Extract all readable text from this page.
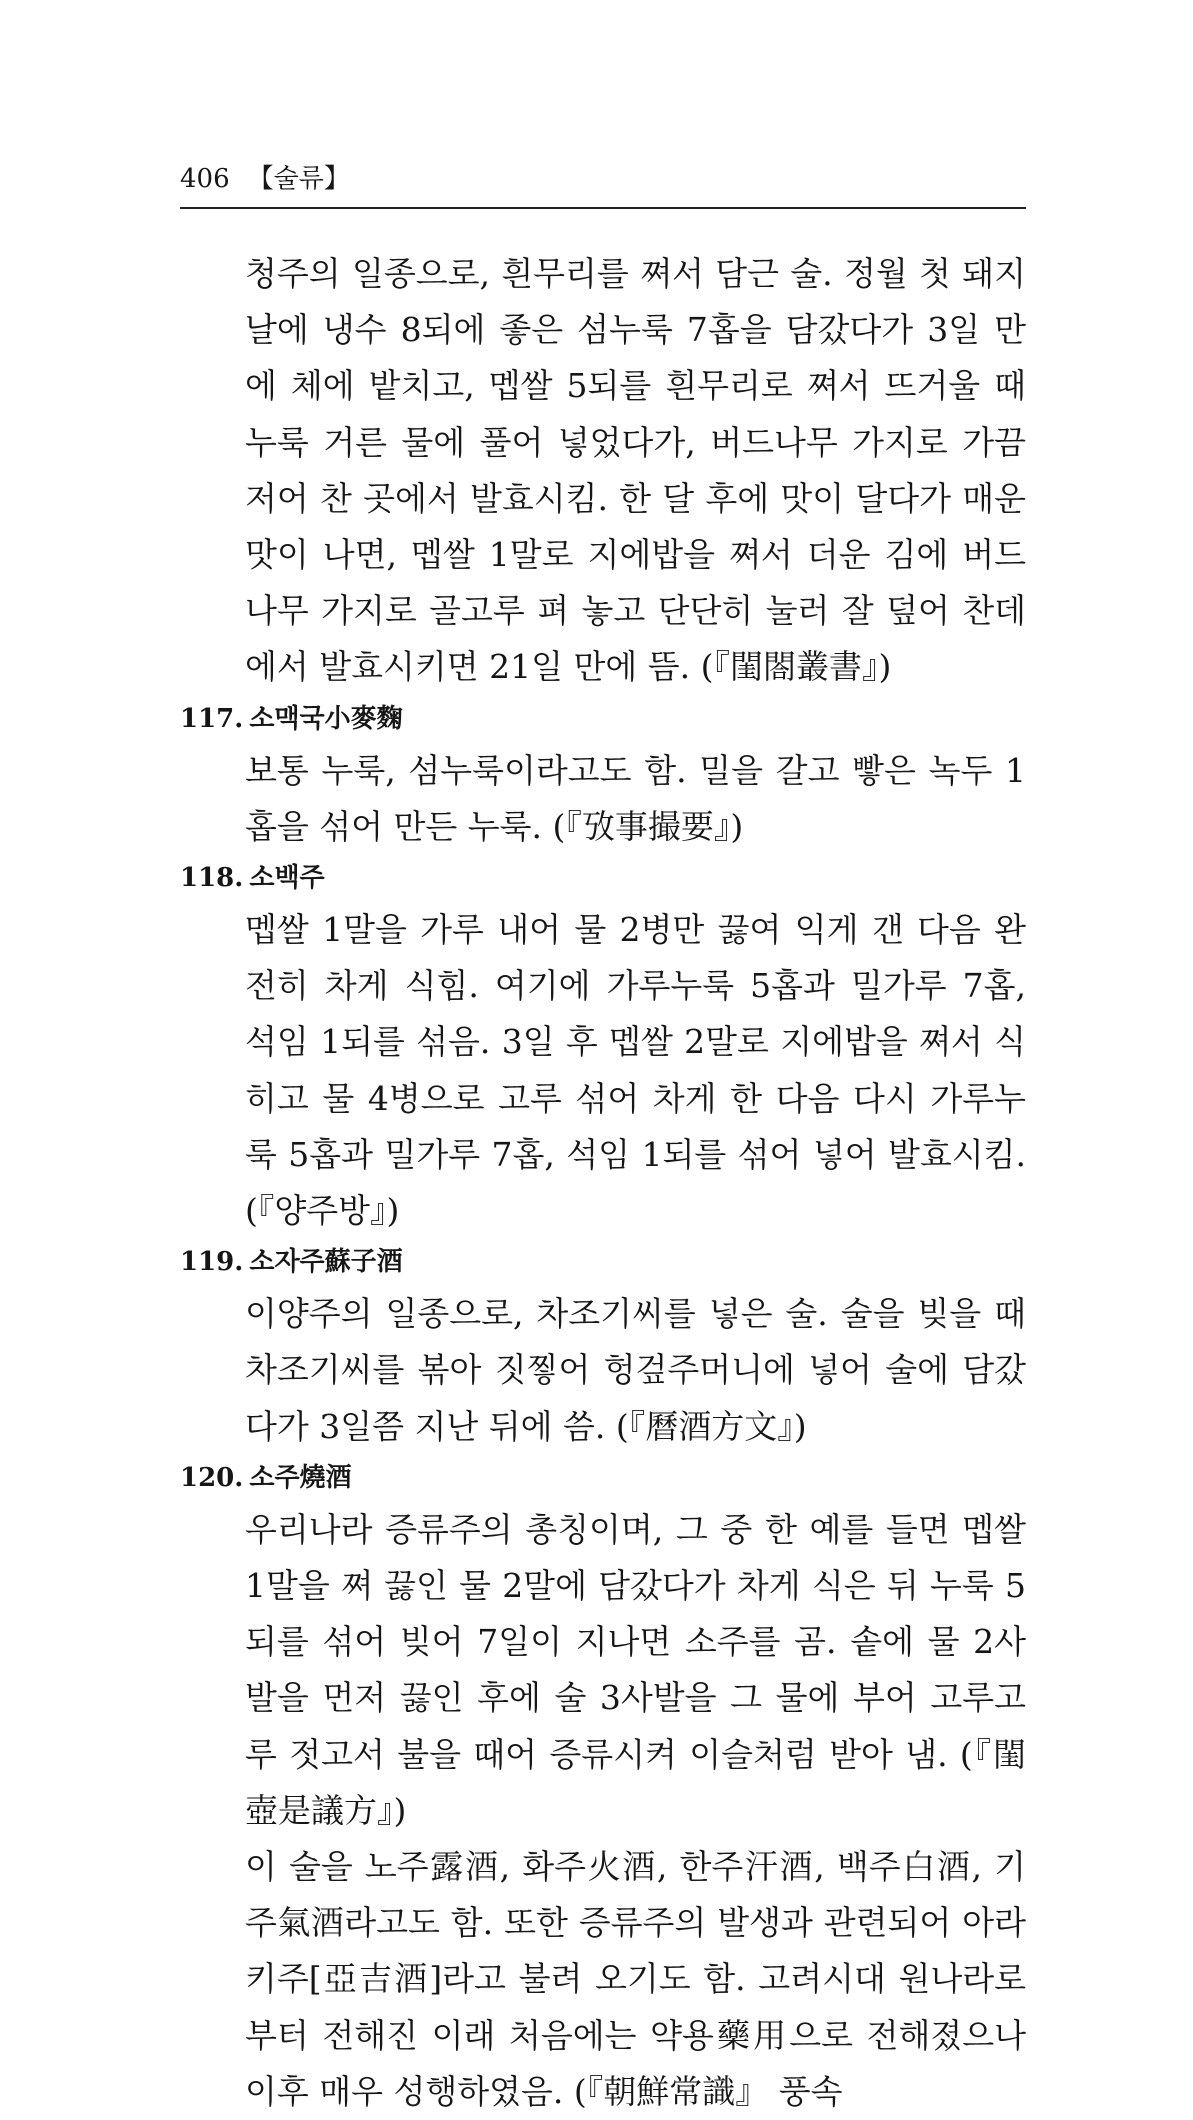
406 【술류】

청주의 일종으로, 흰무리를 쪄서 담근 술. 정월 첫 돼지날에 냉수 8되에 좋은 섬누룩 7홉을 담갔다가 3일 만에 체에 밭치고, 멥쌀 5되를 흰무리로 쪄서 뜨거울 때 누룩 거른 물에 풀어 넣었다가, 버드나무 가지로 가끔 저어 찬 곳에서 발효시킴. 한 달 후에 맛이 달다가 매운 맛이 나면, 멥쌀 1말로 지에밥을 쪄서 더운 김에 버드나무 가지로 골고루 펴 놓고 단단히 눌러 잘 덮어 찬데에서 발효시키면 21일 만에 뜸. (『閨閤叢書』)

117. 소맥국小麥麴

보통 누룩, 섬누룩이라고도 함. 밀을 갈고 빻은 녹두 1홉을 섞어 만든 누룩. (『攷事撮要』)

118. 소백주

멥쌀 1말을 가루 내어 물 2병만 끓여 익게 갠 다음 완전히 차게 식힘. 여기에 가루누룩 5홉과 밀가루 7홉, 석임 1되를 섞음. 3일 후 멥쌀 2말로 지에밥을 쪄서 식히고 물 4병으로 고루 섞어 차게 한 다음 다시 가루누룩 5홉과 밀가루 7홉, 석임 1되를 섞어 넣어 발효시킴. (『양주방』)

119. 소자주蘇子酒

이양주의 일종으로, 차조기씨를 넣은 술. 술을 빚을 때 차조기씨를 볶아 짓찧어 헝겊주머니에 넣어 술에 담갔다가 3일쯤 지난 뒤에 씀. (『曆酒方文』)

120. 소주燒酒

우리나라 증류주의 총칭이며, 그 중 한 예를 들면 멥쌀 1말을 쪄 끓인 물 2말에 담갔다가 차게 식은 뒤 누룩 5되를 섞어 빚어 7일이 지나면 소주를 곰. 솥에 물 2사발을 먼저 끓인 후에 술 3사발을 그 물에 부어 고루고루 젓고서 불을 때어 증류시켜 이슬처럼 받아 냄. (『閨壺是議方』)

이 술을 노주露酒, 화주火酒, 한주汗酒, 백주白酒, 기주氣酒라고도 함. 또한 증류주의 발생과 관련되어 아라키주[亞吉酒]라고 불려 오기도 함. 고려시대 원나라로부터 전해진 이래 처음에는 약용藥用으로 전해졌으나 이후 매우 성행하였음. (『朝鮮常識』 풍속
